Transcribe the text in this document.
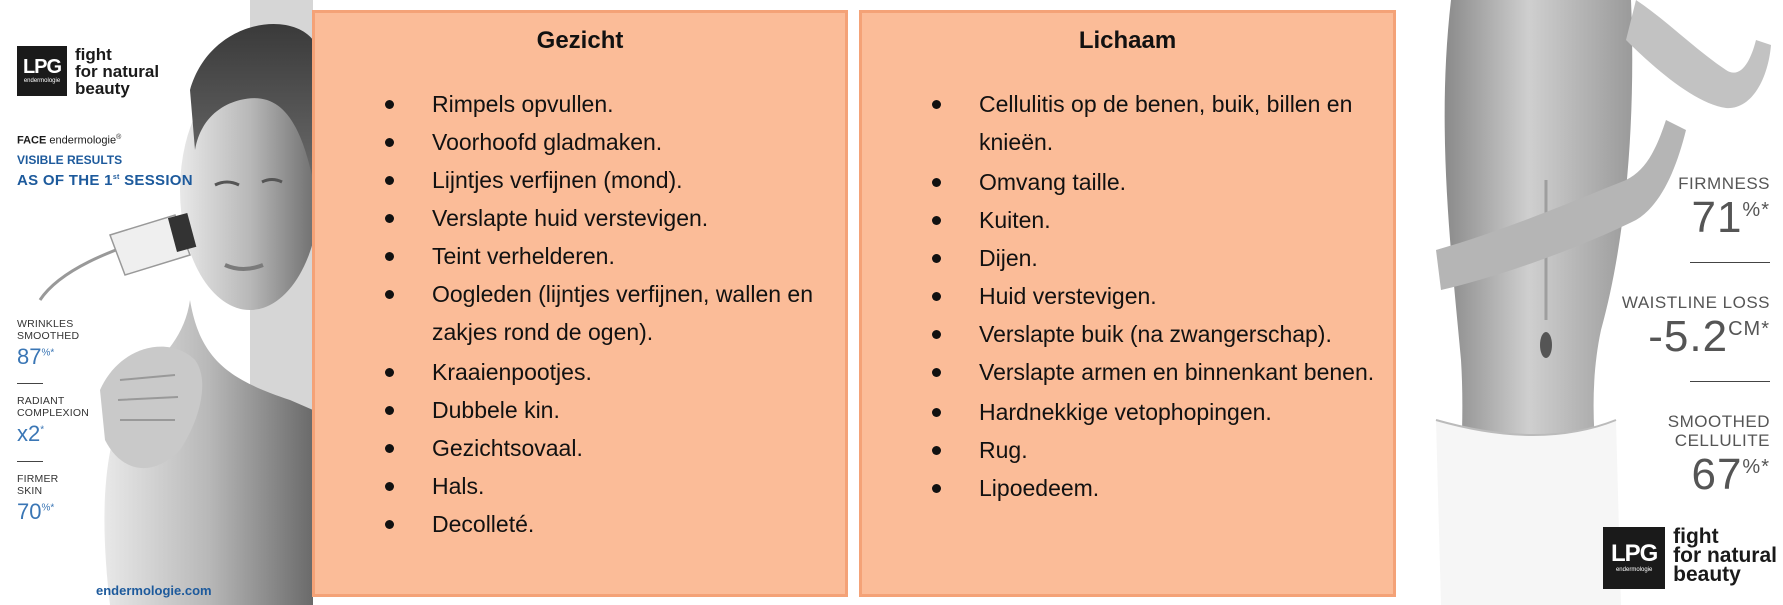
LPG
endermologie
fight
for natural
beauty
FACE endermologie®
VISIBLE RESULTS
AS OF THE 1st SESSION
WRINKLES
SMOOTHED
87%*
RADIANT
COMPLEXION
x2*
FIRMER
SKIN
70%*
endermologie.com
Gezicht
Rimpels opvullen.
Voorhoofd gladmaken.
Lijntjes verfijnen (mond).
Verslapte huid verstevigen.
Teint verhelderen.
Oogleden (lijntjes verfijnen, wallen en zakjes rond de ogen).
Kraaienpootjes.
Dubbele kin.
Gezichtsovaal.
Hals.
Decolleté.
Lichaam
Cellulitis op de benen, buik, billen en knieën.
Omvang taille.
Kuiten.
Dijen.
Huid verstevigen.
Verslapte buik (na zwangerschap).
Verslapte armen en binnenkant benen.
Hardnekkige vetophopingen.
Rug.
Lipoedeem.
FIRMNESS
71%*
WAISTLINE LOSS
$-5.2^{CM*}$
SMOOTHED
CELLULITE
67%*
LPG
endermologie
fight
for natural
beauty
